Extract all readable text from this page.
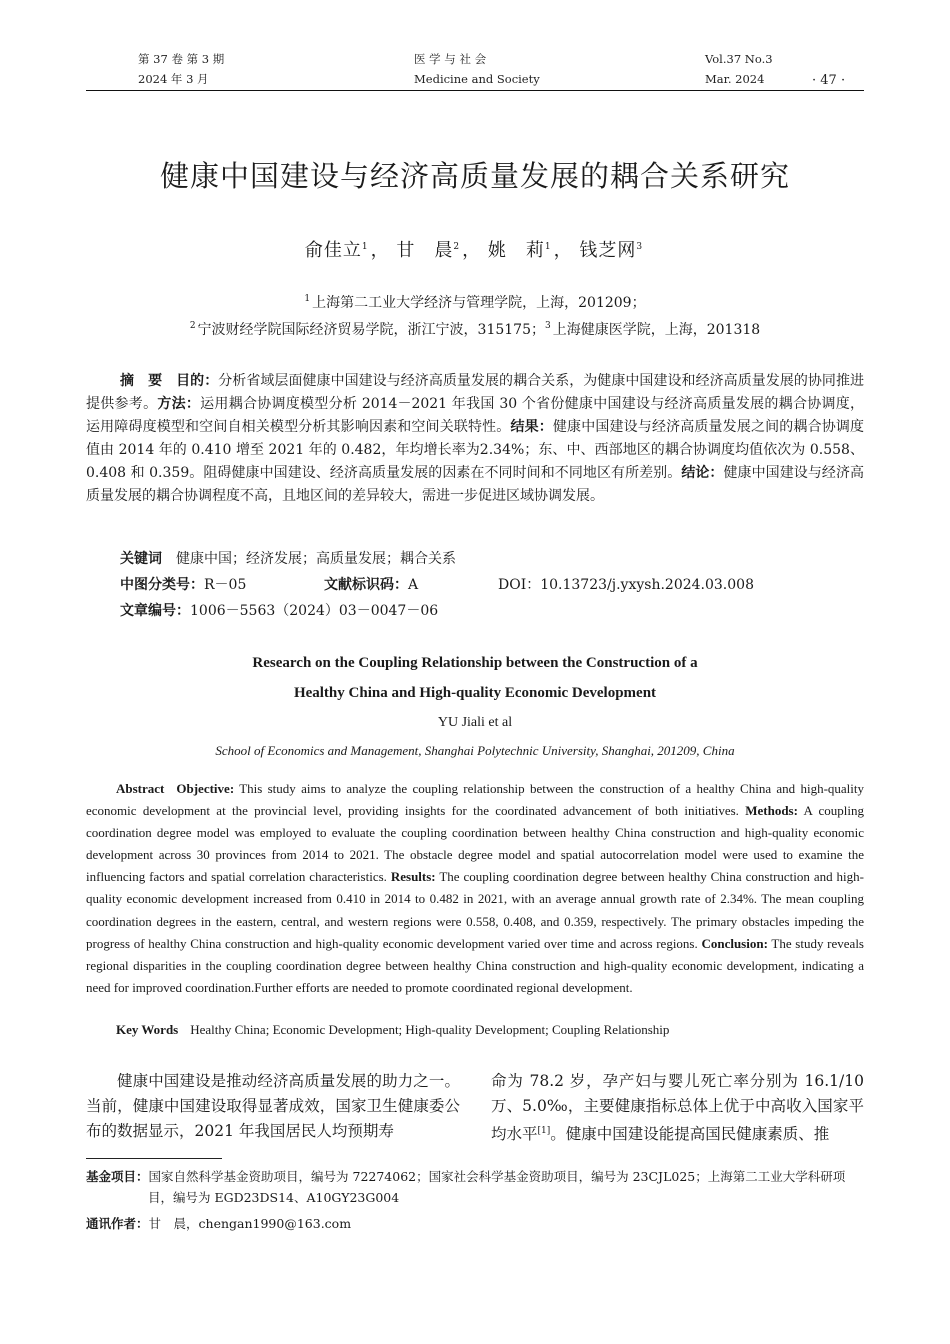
第 37 卷 第 3 期
2024 年 3 月
医 学 与 社 会
Medicine and Society
Vol.37 No.3
Mar. 2024	· 47 ·
健康中国建设与经济高质量发展的耦合关系研究
俞佳立$^1$ ， 甘　晨$^2$ ， 姚　莉$^1$ ， 钱芝网$^3$
$^1$ 上海第二工业大学经济与管理学院，上海，201209；
$^2$ 宁波财经学院国际经济贸易学院，浙江宁波，315175；$^3$ 上海健康医学院，上海，201318
摘　要 目的：分析省域层面健康中国建设与经济高质量发展的耦合关系，为健康中国建设和经济高质量发展的协同推进提供参考。方法：运用耦合协调度模型分析 2014－2021 年我国 30 个省份健康中国建设与经济高质量发展的耦合协调度，运用障碍度模型和空间自相关模型分析其影响因素和空间关联特性。结果：健康中国建设与经济高质量发展之间的耦合协调度值由 2014 年的 0.410 增至 2021 年的 0.482，年均增长率为2.34%；东、中、西部地区的耦合协调度均值依次为 0.558、0.408 和 0.359。阻碍健康中国建设、经济高质量发展的因素在不同时间和不同地区有所差别。结论：健康中国建设与经济高质量发展的耦合协调程度不高，且地区间的差异较大，需进一步促进区域协调发展。
关键词 健康中国；经济发展；高质量发展；耦合关系
中图分类号：R－05	文献标识码：A	DOI：10.13723/j.yxysh.2024.03.008
文章编号：1006－5563（2024）03－0047－06
Research on the Coupling Relationship between the Construction of a
Healthy China and High-quality Economic Development
YU Jiali et al
School of Economics and Management, Shanghai Polytechnic University, Shanghai, 201209, China
Abstract Objective: This study aims to analyze the coupling relationship between the construction of a healthy China and high-quality economic development at the provincial level, providing insights for the coordinated advancement of both initiatives. Methods: A coupling coordination degree model was employed to evaluate the coupling coordination between healthy China construction and high-quality economic development across 30 provinces from 2014 to 2021. The obstacle degree model and spatial autocorrelation model were used to examine the influencing factors and spatial correlation characteristics. Results: The coupling coordination degree between healthy China construction and high-quality economic development increased from 0.410 in 2014 to 0.482 in 2021, with an average annual growth rate of 2.34%. The mean coupling coordination degrees in the eastern, central, and western regions were 0.558, 0.408, and 0.359, respectively. The primary obstacles impeding the progress of healthy China construction and high-quality economic development varied over time and across regions. Conclusion: The study reveals regional disparities in the coupling coordination degree between healthy China construction and high-quality economic development, indicating a need for improved coordination.Further efforts are needed to promote coordinated regional development.
Key Words Healthy China; Economic Development; High-quality Development; Coupling Relationship
健康中国建设是推动经济高质量发展的助力之一。当前，健康中国建设取得显著成效，国家卫生健康委公布的数据显示，2021 年我国居民人均预期寿
命为 78.2 岁，孕产妇与婴儿死亡率分别为 16.1/10 万、5.0‰，主要健康指标总体上优于中高收入国家平均水平[1]。健康中国建设能提高国民健康素质、推
基金项目：国家自然科学基金资助项目，编号为 72274062；国家社会科学基金资助项目，编号为 23CJL025；上海第二工业大学科研项目，编号为 EGD23DS14、A10GY23G004
通讯作者：甘　晨，chengan1990@163.com
